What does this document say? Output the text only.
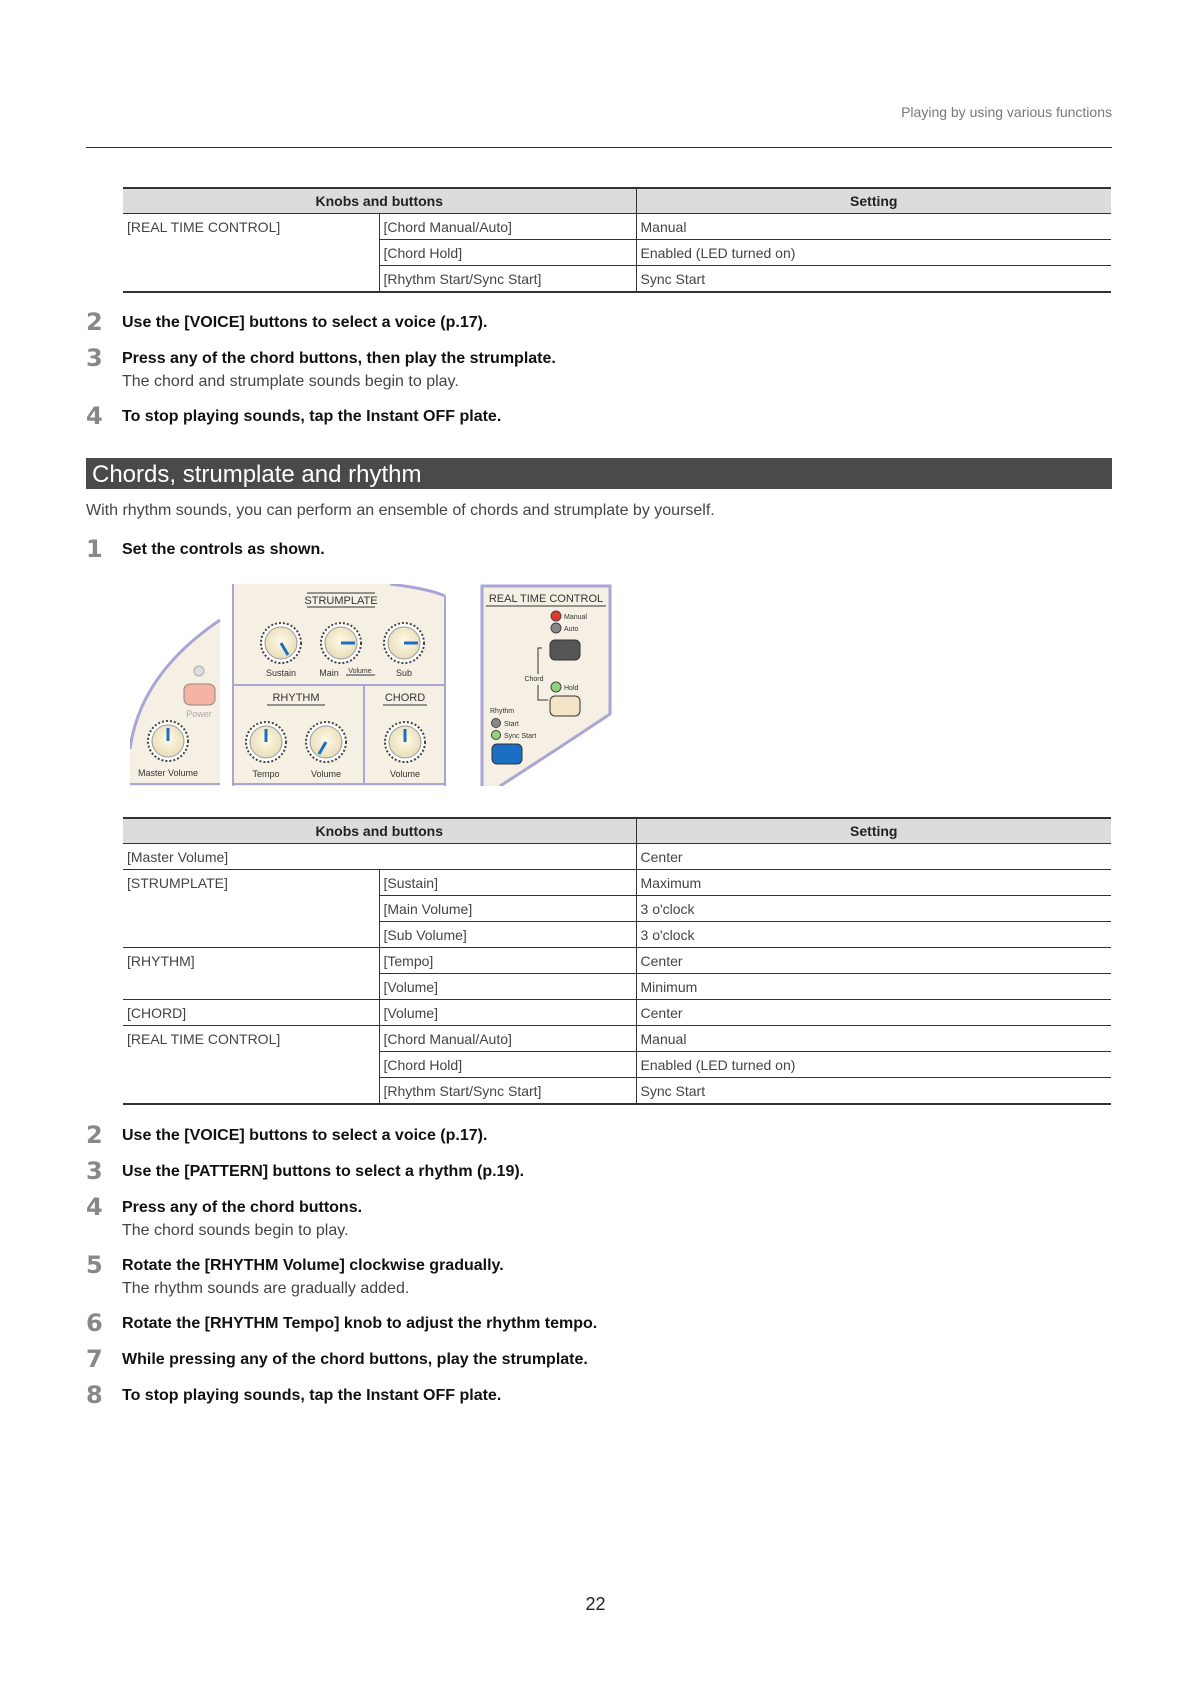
Playing by using various functions
Knobs and buttons		Setting
[REAL TIME CONTROL]	[Chord Manual/Auto]	Manual
	[Chord Hold]	Enabled (LED turned on)
	[Rhythm Start/Sync Start]	Sync Start
2 Use the [VOICE] buttons to select a voice (p.17).
3 Press any of the chord buttons, then play the strumplate.
The chord and strumplate sounds begin to play.
4 To stop playing sounds, tap the Instant OFF plate.
Chords, strumplate and rhythm
With rhythm sounds, you can perform an ensemble of chords and strumplate by yourself.
1 Set the controls as shown.
Power
Master Volume
STRUMPLATE
Sustain	Main Volume	Sub
RHYTHM	CHORD
Tempo	Volume	Volume
REAL TIME CONTROL
Manual
Auto
Chord
Hold
Rhythm
Start
Sync Start
Knobs and buttons		Setting
[Master Volume]		Center
[STRUMPLATE]	[Sustain]	Maximum
	[Main Volume]	3 o'clock
	[Sub Volume]	3 o'clock
[RHYTHM]	[Tempo]	Center
	[Volume]	Minimum
[CHORD]	[Volume]	Center
[REAL TIME CONTROL]	[Chord Manual/Auto]	Manual
	[Chord Hold]	Enabled (LED turned on)
	[Rhythm Start/Sync Start]	Sync Start
2 Use the [VOICE] buttons to select a voice (p.17).
3 Use the [PATTERN] buttons to select a rhythm (p.19).
4 Press any of the chord buttons.
The chord sounds begin to play.
5 Rotate the [RHYTHM Volume] clockwise gradually.
The rhythm sounds are gradually added.
6 Rotate the [RHYTHM Tempo] knob to adjust the rhythm tempo.
7 While pressing any of the chord buttons, play the strumplate.
8 To stop playing sounds, tap the Instant OFF plate.
22
